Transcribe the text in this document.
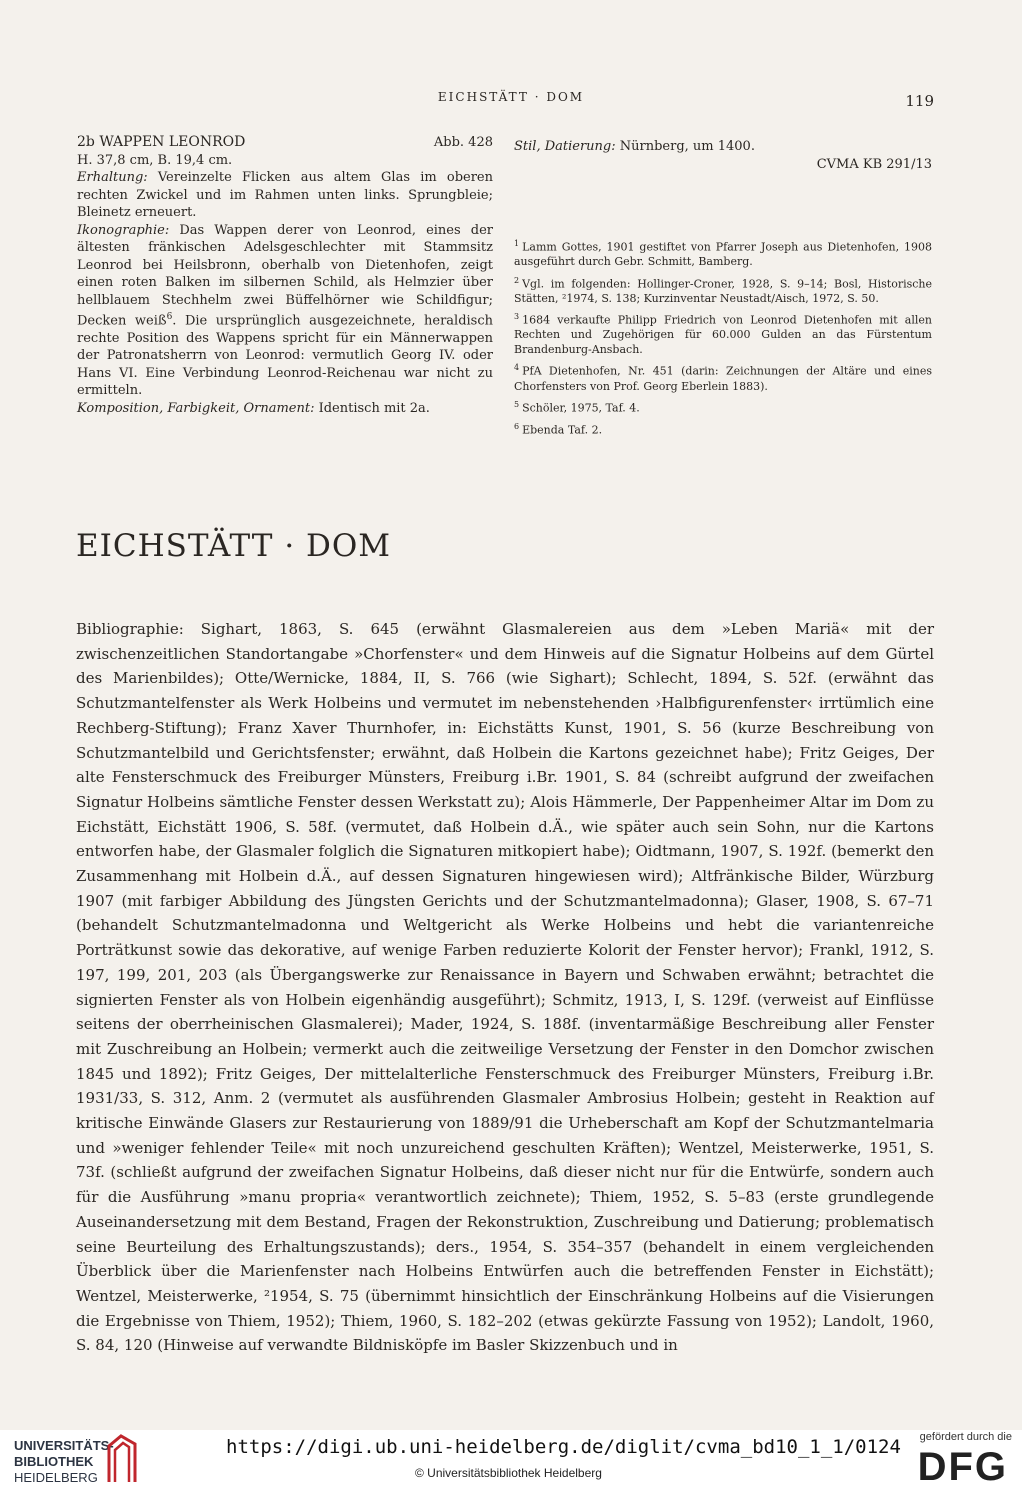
EICHSTÄTT · DOM	119
2b WAPPEN LEONROD	Abb. 428
H. 37,8 cm, B. 19,4 cm.
Erhaltung: Vereinzelte Flicken aus altem Glas im oberen rechten Zwickel und im Rahmen unten links. Sprungbleie; Bleinetz erneuert.
Ikonographie: Das Wappen derer von Leonrod, eines der ältesten fränkischen Adelsgeschlechter mit Stammsitz Leonrod bei Heilsbronn, oberhalb von Dietenhofen, zeigt einen roten Balken im silbernen Schild, als Helmzier über hellblauem Stechhelm zwei Büffelhörner wie Schildfigur; Decken weiß$^6$. Die ursprünglich ausgezeichnete, heraldisch rechte Position des Wappens spricht für ein Männerwappen der Patronatsherrn von Leonrod: vermutlich Georg IV. oder Hans VI. Eine Verbindung Leonrod-Reichenau war nicht zu ermitteln.
Komposition, Farbigkeit, Ornament: Identisch mit 2a.
Stil, Datierung: Nürnberg, um 1400.
CVMA KB 291/13
$^1$ Lamm Gottes, 1901 gestiftet von Pfarrer Joseph aus Dietenhofen, 1908 ausgeführt durch Gebr. Schmitt, Bamberg.
$^2$ Vgl. im folgenden: Hollinger-Croner, 1928, S. 9–14; Bosl, Historische Stätten, ²1974, S. 138; Kurzinventar Neustadt/Aisch, 1972, S. 50.
$^3$ 1684 verkaufte Philipp Friedrich von Leonrod Dietenhofen mit allen Rechten und Zugehörigen für 60.000 Gulden an das Fürstentum Brandenburg-Ansbach.
$^4$ PfA Dietenhofen, Nr. 451 (darin: Zeichnungen der Altäre und eines Chorfensters von Prof. Georg Eberlein 1883).
$^5$ Schöler, 1975, Taf. 4.
$^6$ Ebenda Taf. 2.
EICHSTÄTT · DOM
Bibliographie: Sighart, 1863, S. 645 (erwähnt Glasmalereien aus dem »Leben Mariä« mit der zwischenzeitlichen Standortangabe »Chorfenster« und dem Hinweis auf die Signatur Holbeins auf dem Gürtel des Marienbildes); Otte/Wernicke, 1884, II, S. 766 (wie Sighart); Schlecht, 1894, S. 52f. (erwähnt das Schutzmantelfenster als Werk Holbeins und vermutet im nebenstehenden ›Halbfigurenfenster‹ irrtümlich eine Rechberg-Stiftung); Franz Xaver Thurnhofer, in: Eichstätts Kunst, 1901, S. 56 (kurze Beschreibung von Schutzmantelbild und Gerichtsfenster; erwähnt, daß Holbein die Kartons gezeichnet habe); Fritz Geiges, Der alte Fensterschmuck des Freiburger Münsters, Freiburg i.Br. 1901, S. 84 (schreibt aufgrund der zweifachen Signatur Holbeins sämtliche Fenster dessen Werkstatt zu); Alois Hämmerle, Der Pappenheimer Altar im Dom zu Eichstätt, Eichstätt 1906, S. 58f. (vermutet, daß Holbein d.Ä., wie später auch sein Sohn, nur die Kartons entworfen habe, der Glasmaler folglich die Signaturen mitkopiert habe); Oidtmann, 1907, S. 192f. (bemerkt den Zusammenhang mit Holbein d.Ä., auf dessen Signaturen hingewiesen wird); Altfränkische Bilder, Würzburg 1907 (mit farbiger Abbildung des Jüngsten Gerichts und der Schutzmantelmadonna); Glaser, 1908, S. 67–71 (behandelt Schutzmantelmadonna und Weltgericht als Werke Holbeins und hebt die variantenreiche Porträtkunst sowie das dekorative, auf wenige Farben reduzierte Kolorit der Fenster hervor); Frankl, 1912, S. 197, 199, 201, 203 (als Übergangswerke zur Renaissance in Bayern und Schwaben erwähnt; betrachtet die signierten Fenster als von Holbein eigenhändig ausgeführt); Schmitz, 1913, I, S. 129f. (verweist auf Einflüsse seitens der oberrheinischen Glasmalerei); Mader, 1924, S. 188f. (inventarmäßige Beschreibung aller Fenster mit Zuschreibung an Holbein; vermerkt auch die zeitweilige Versetzung der Fenster in den Domchor zwischen 1845 und 1892); Fritz Geiges, Der mittelalterliche Fensterschmuck des Freiburger Münsters, Freiburg i.Br. 1931/33, S. 312, Anm. 2 (vermutet als ausführenden Glasmaler Ambrosius Holbein; gesteht in Reaktion auf kritische Einwände Glasers zur Restaurierung von 1889/91 die Urheberschaft am Kopf der Schutzmantelmaria und »weniger fehlender Teile« mit noch unzureichend geschulten Kräften); Wentzel, Meisterwerke, 1951, S. 73f. (schließt aufgrund der zweifachen Signatur Holbeins, daß dieser nicht nur für die Entwürfe, sondern auch für die Ausführung »manu propria« verantwortlich zeichnete); Thiem, 1952, S. 5–83 (erste grundlegende Auseinandersetzung mit dem Bestand, Fragen der Rekonstruktion, Zuschreibung und Datierung; problematisch seine Beurteilung des Erhaltungszustands); ders., 1954, S. 354–357 (behandelt in einem vergleichenden Überblick über die Marienfenster nach Holbeins Entwürfen auch die betreffenden Fenster in Eichstätt); Wentzel, Meisterwerke, ²1954, S. 75 (übernimmt hinsichtlich der Einschränkung Holbeins auf die Visierungen die Ergebnisse von Thiem, 1952); Thiem, 1960, S. 182–202 (etwas gekürzte Fassung von 1952); Landolt, 1960, S. 84, 120 (Hinweise auf verwandte Bildnisköpfe im Basler Skizzenbuch und in
UNIVERSITÄTS-
BIBLIOTHEK
HEIDELBERG
https://digi.ub.uni-heidelberg.de/diglit/cvma_bd10_1_1/0124
© Universitätsbibliothek Heidelberg
gefördert durch die
DFG
